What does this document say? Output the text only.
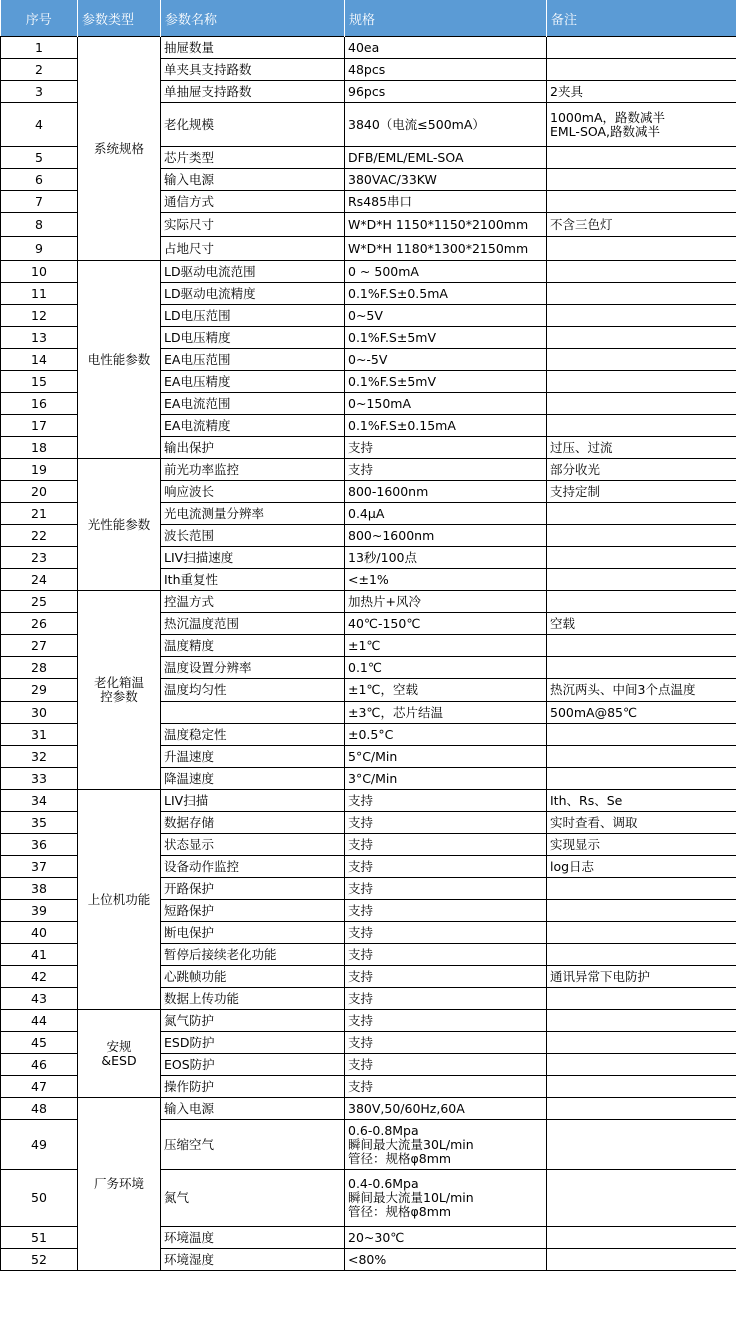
序号	参数类型	参数名称	规格	备注
1	系统规格	抽屉数量	40ea	
2		单夹具支持路数	48pcs	
3		单抽屉支持路数	96pcs	2夹具
4		老化规模	3840（电流≤500mA）	1000mA，路数减半
EML-SOA,路数减半

5		芯片类型	DFB/EML/EML-SOA	
6		输入电源	380VAC/33KW	
7		通信方式	Rs485串口	
8		实际尺寸	W*D*H 1150*1150*2100mm	不含三色灯
9		占地尺寸	W*D*H 1180*1300*2150mm	
10	电性能参数	LD驱动电流范围	0 ~ 500mA	
11		LD驱动电流精度	0.1%F.S±0.5mA	
12		LD电压范围	0~5V	
13		LD电压精度	0.1%F.S±5mV	
14		EA电压范围	0~-5V	
15		EA电压精度	0.1%F.S±5mV	
16		EA电流范围	0~150mA	
17		EA电流精度	0.1%F.S±0.15mA	
18		输出保护	支持	过压、过流
19	光性能参数	前光功率监控	支持	部分收光
20		响应波长	800-1600nm	支持定制
21		光电流测量分辨率	0.4μA	
22		波长范围	800~1600nm	
23		LIV扫描速度	13秒/100点	
24		Ith重复性	<±1%	
25	老化箱温控参数	控温方式	加热片+风冷	
26		热沉温度范围	40℃-150℃	空载
27		温度精度	±1℃	
28		温度设置分辨率	0.1℃	
29		温度均匀性	±1℃，空载	热沉两头、中间3个点温度
30			±3℃，芯片结温	500mA@85℃
31		温度稳定性	±0.5°C	
32		升温速度	5°C/Min	
33		降温速度	3°C/Min	
34	上位机功能	LIV扫描	支持	Ith、Rs、Se
35		数据存储	支持	实时查看、调取
36		状态显示	支持	实现显示
37		设备动作监控	支持	log日志
38		开路保护	支持	
39		短路保护	支持	
40		断电保护	支持	
41		暂停后接续老化功能	支持	
42		心跳帧功能	支持	通讯异常下电防护
43		数据上传功能	支持	
44	安规&ESD	氮气防护	支持	
45		ESD防护	支持	
46		EOS防护	支持	
47		操作防护	支持	
48	厂务环境	输入电源	380V,50/60Hz,60A	
49		压缩空气	0.6-0.8Mpa
瞬间最大流量30L/min
管径：规格φ8mm	

50		氮气	0.4-0.6Mpa
瞬间最大流量10L/min
管径：规格φ8mm	

51		环境温度	20~30℃	
52		环境湿度	<80%	
